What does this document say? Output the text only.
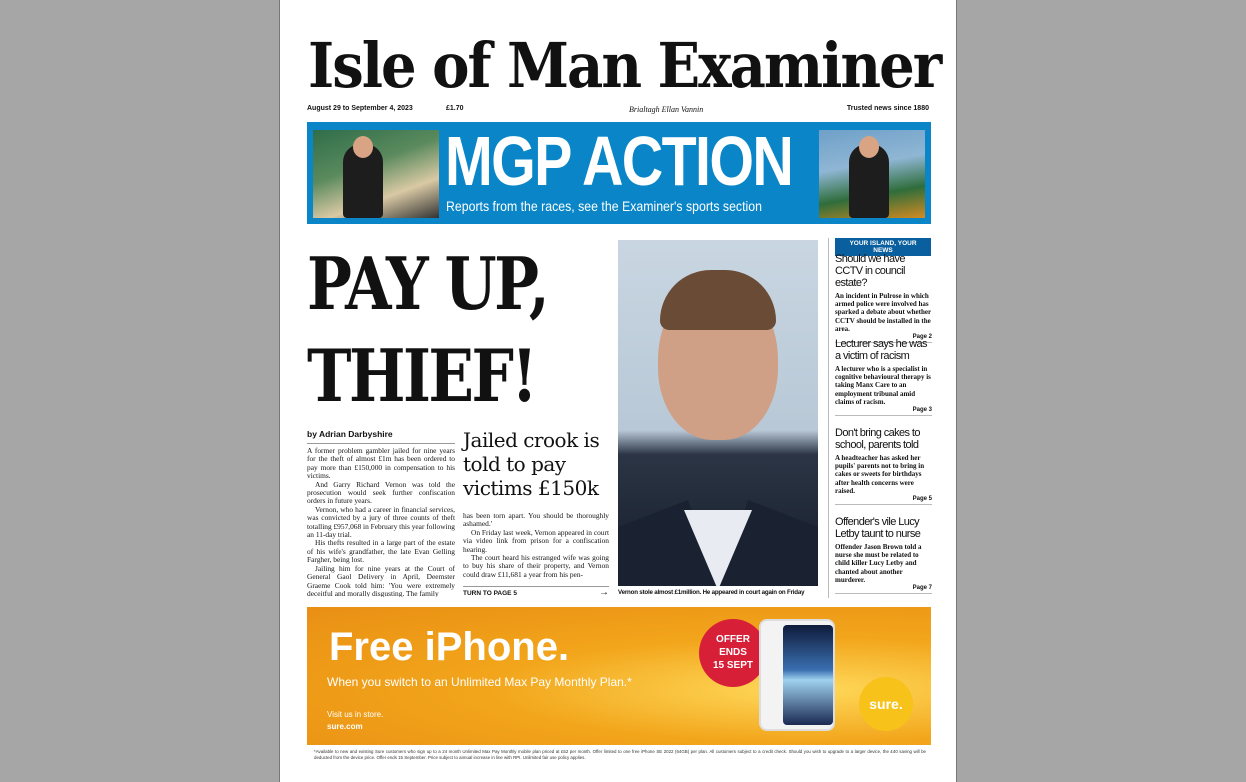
Isle of Man Examiner
August 29 to September 4, 2023	£1.70	Brialtagh Ellan Vannin	Trusted news since 1880
MGP ACTION
Reports from the races, see the Examiner's sports section
PAY UP,
THIEF!
by Adrian Darbyshire

A former problem gambler jailed for nine years for the theft of almost £1m has been ordered to pay more than £150,000 in compensation to his victims.

And Garry Richard Vernon was told the prosecution would seek further confiscation orders in future years.

Vernon, who had a career in financial services, was convicted by a jury of three counts of theft totalling £957,068 in February this year following an 11-day trial.

His thefts resulted in a large part of the estate of his wife's grandfather, the late Evan Gelling Fargher, being lost.

Jailing him for nine years at the Court of General Gaol Delivery in April, Deemster Graeme Cook told him: 'You were extremely deceitful and morally disgusting. The family

Jailed crook is told to pay victims £150k

has been torn apart. You should be thoroughly ashamed.'

On Friday last week, Vernon appeared in court via video link from prison for a confiscation hearing.

The court heard his estranged wife was going to buy his share of their property, and Vernon could draw £11,681 a year from his pen-

TURN TO PAGE 5	→ Vernon stole almost £1million. He appeared in court again on Friday
YOUR ISLAND, YOUR NEWS
Should we have CCTV in council estate?
An incident in Pulrose in which armed police were involved has sparked a debate about whether CCTV should be installed in the area.
Page 2
Lecturer says he was a victim of racism
A lecturer who is a specialist in cognitive behavioural therapy is taking Manx Care to an employment tribunal amid claims of racism.
Page 3
Don't bring cakes to school, parents told
A headteacher has asked her pupils' parents not to bring in cakes or sweets for birthdays after health concerns were raised.
Page 5
Offender's vile Lucy Letby taunt to nurse
Offender Jason Brown told a nurse she must be related to child killer Lucy Letby and chanted about another murderer.
Page 7
Free iPhone.
When you switch to an Unlimited Max Pay Monthly Plan.*
Visit us in store.
sure.com
OFFER
ENDS
15 SEPT
sure.
*Available to new and existing Sure customers who sign up to a 24 month Unlimited Max Pay Monthly mobile plan priced at £52 per month. Offer limited to one free iPhone SE 2022 (64GB) per plan. All customers subject to a credit check. Should you wish to upgrade to a larger device, the £40 saving will be deducted from the device price. Offer ends 15 September. Price subject to annual increase in line with RPI. Unlimited fair use policy applies.
